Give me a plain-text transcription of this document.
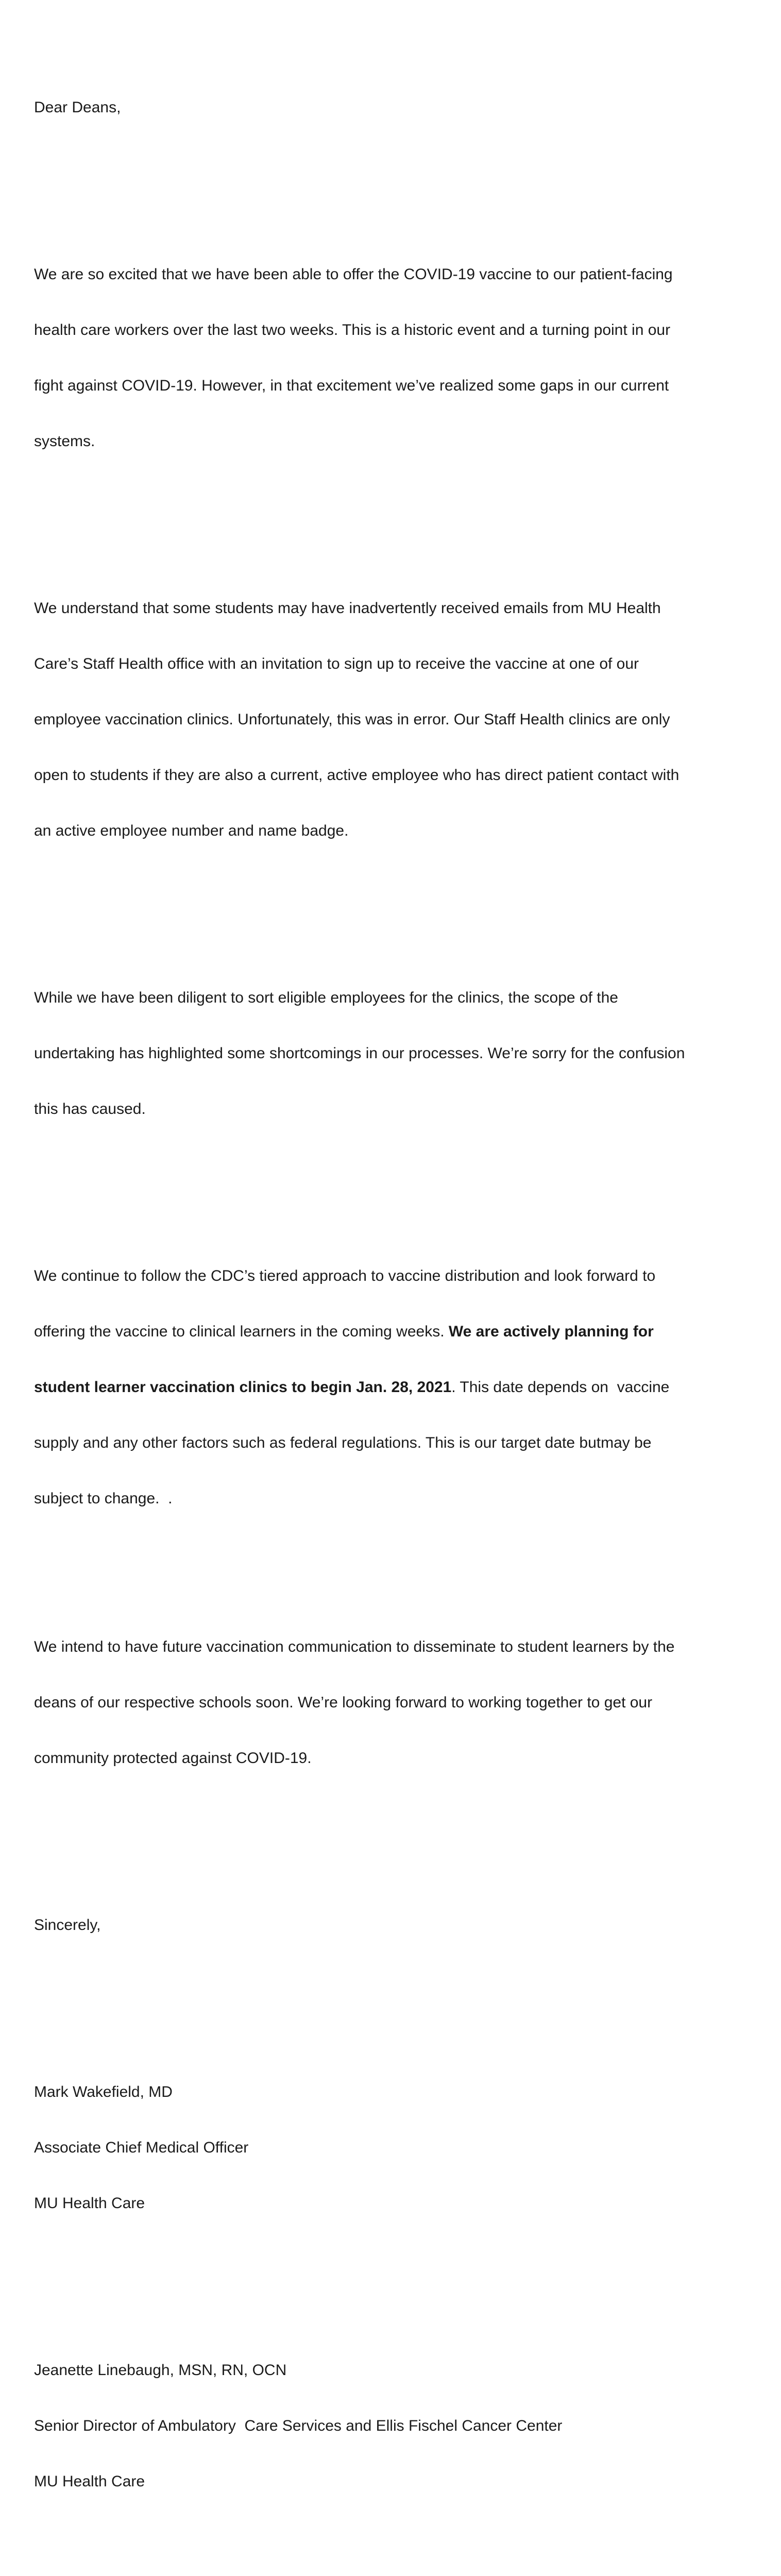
Dear Deans,

We are so excited that we have been able to offer the COVID-19 vaccine to our patient-facing

health care workers over the last two weeks. This is a historic event and a turning point in our

fight against COVID-19. However, in that excitement we’ve realized some gaps in our current

systems.

We understand that some students may have inadvertently received emails from MU Health

Care’s Staff Health office with an invitation to sign up to receive the vaccine at one of our

employee vaccination clinics. Unfortunately, this was in error. Our Staff Health clinics are only

open to students if they are also a current, active employee who has direct patient contact with

an active employee number and name badge.

While we have been diligent to sort eligible employees for the clinics, the scope of the

undertaking has highlighted some shortcomings in our processes. We’re sorry for the confusion

this has caused.

We continue to follow the CDC’s tiered approach to vaccine distribution and look forward to

offering the vaccine to clinical learners in the coming weeks. We are actively planning for

student learner vaccination clinics to begin Jan. 28, 2021. This date depends on  vaccine

supply and any other factors such as federal regulations. This is our target date butmay be

subject to change.  .

We intend to have future vaccination communication to disseminate to student learners by the

deans of our respective schools soon. We’re looking forward to working together to get our

community protected against COVID-19.

Sincerely,

Mark Wakefield, MD

Associate Chief Medical Officer

MU Health Care

Jeanette Linebaugh, MSN, RN, OCN

Senior Director of Ambulatory  Care Services and Ellis Fischel Cancer Center

MU Health Care
